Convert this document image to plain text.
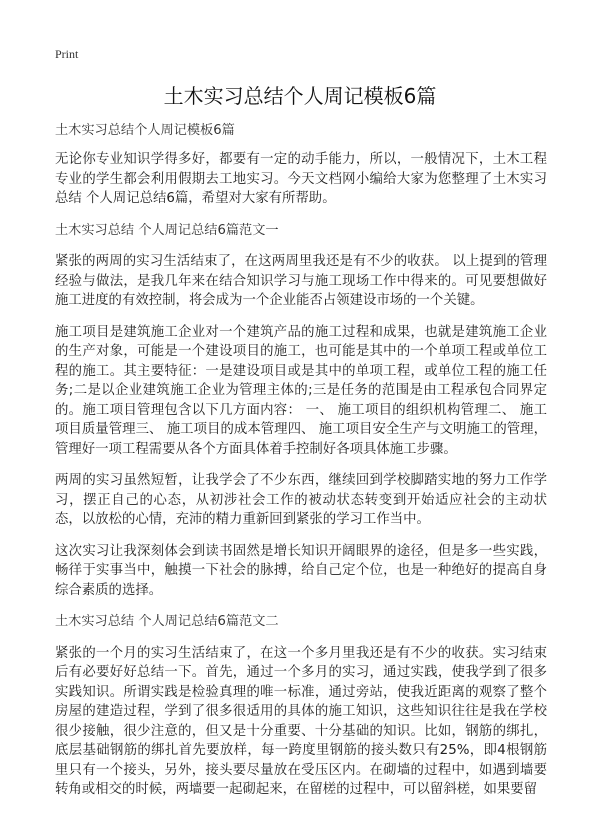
Print
土木实习总结个人周记模板6篇
土木实习总结个人周记模板6篇

无论你专业知识学得多好，都要有一定的动手能力，所以，一般情况下，土木工程专业的学生都会利用假期去工地实习。今天文档网小编给大家为您整理了土木实习总结 个人周记总结6篇，希望对大家有所帮助。

土木实习总结 个人周记总结6篇范文一

紧张的两周的实习生活结束了，在这两周里我还是有不少的收获。 以上提到的管理经验与做法，是我几年来在结合知识学习与施工现场工作中得来的。可见要想做好施工进度的有效控制，将会成为一个企业能否占领建设市场的一个关键。

施工项目是建筑施工企业对一个建筑产品的施工过程和成果，也就是建筑施工企业的生产对象，可能是一个建设项目的施工，也可能是其中的一个单项工程或单位工程的施工。其主要特征：一是建设项目或是其中的单项工程，或单位工程的施工任务;二是以企业建筑施工企业为管理主体的;三是任务的范围是由工程承包合同界定的。施工项目管理包含以下几方面内容： 一、 施工项目的组织机构管理二、 施工项目质量管理三、 施工项目的成本管理四、 施工项目安全生产与文明施工的管理，管理好一项工程需要从各个方面具体着手控制好各项具体施工步骤。

两周的实习虽然短暂，让我学会了不少东西，继续回到学校脚踏实地的努力工作学习，摆正自己的心态，从初涉社会工作的被动状态转变到开始适应社会的主动状态，以放松的心情，充沛的精力重新回到紧张的学习工作当中。

这次实习让我深刻体会到读书固然是增长知识开阔眼界的途径，但是多一些实践，畅徉于实事当中，触摸一下社会的脉搏，给自己定个位，也是一种绝好的提高自身综合素质的选择。

土木实习总结 个人周记总结6篇范文二

紧张的一个月的实习生活结束了，在这一个多月里我还是有不少的收获。实习结束后有必要好好总结一下。首先，通过一个多月的实习，通过实践，使我学到了很多实践知识。所谓实践是检验真理的唯一标准，通过旁站，使我近距离的观察了整个房屋的建造过程，学到了很多很适用的具体的施工知识，这些知识往往是我在学校很少接触，很少注意的，但又是十分重要、十分基础的知识。比如，钢筋的绑扎，底层基础钢筋的绑扎首先要放样，每一跨度里钢筋的接头数只有25%，即4根钢筋里只有一个接头，另外，接头要尽量放在受压区内。在砌墙的过程中，如遇到墙要转角或相交的时候，两墙要一起砌起来，在留槎的过程中，可以留斜槎，如果要留
